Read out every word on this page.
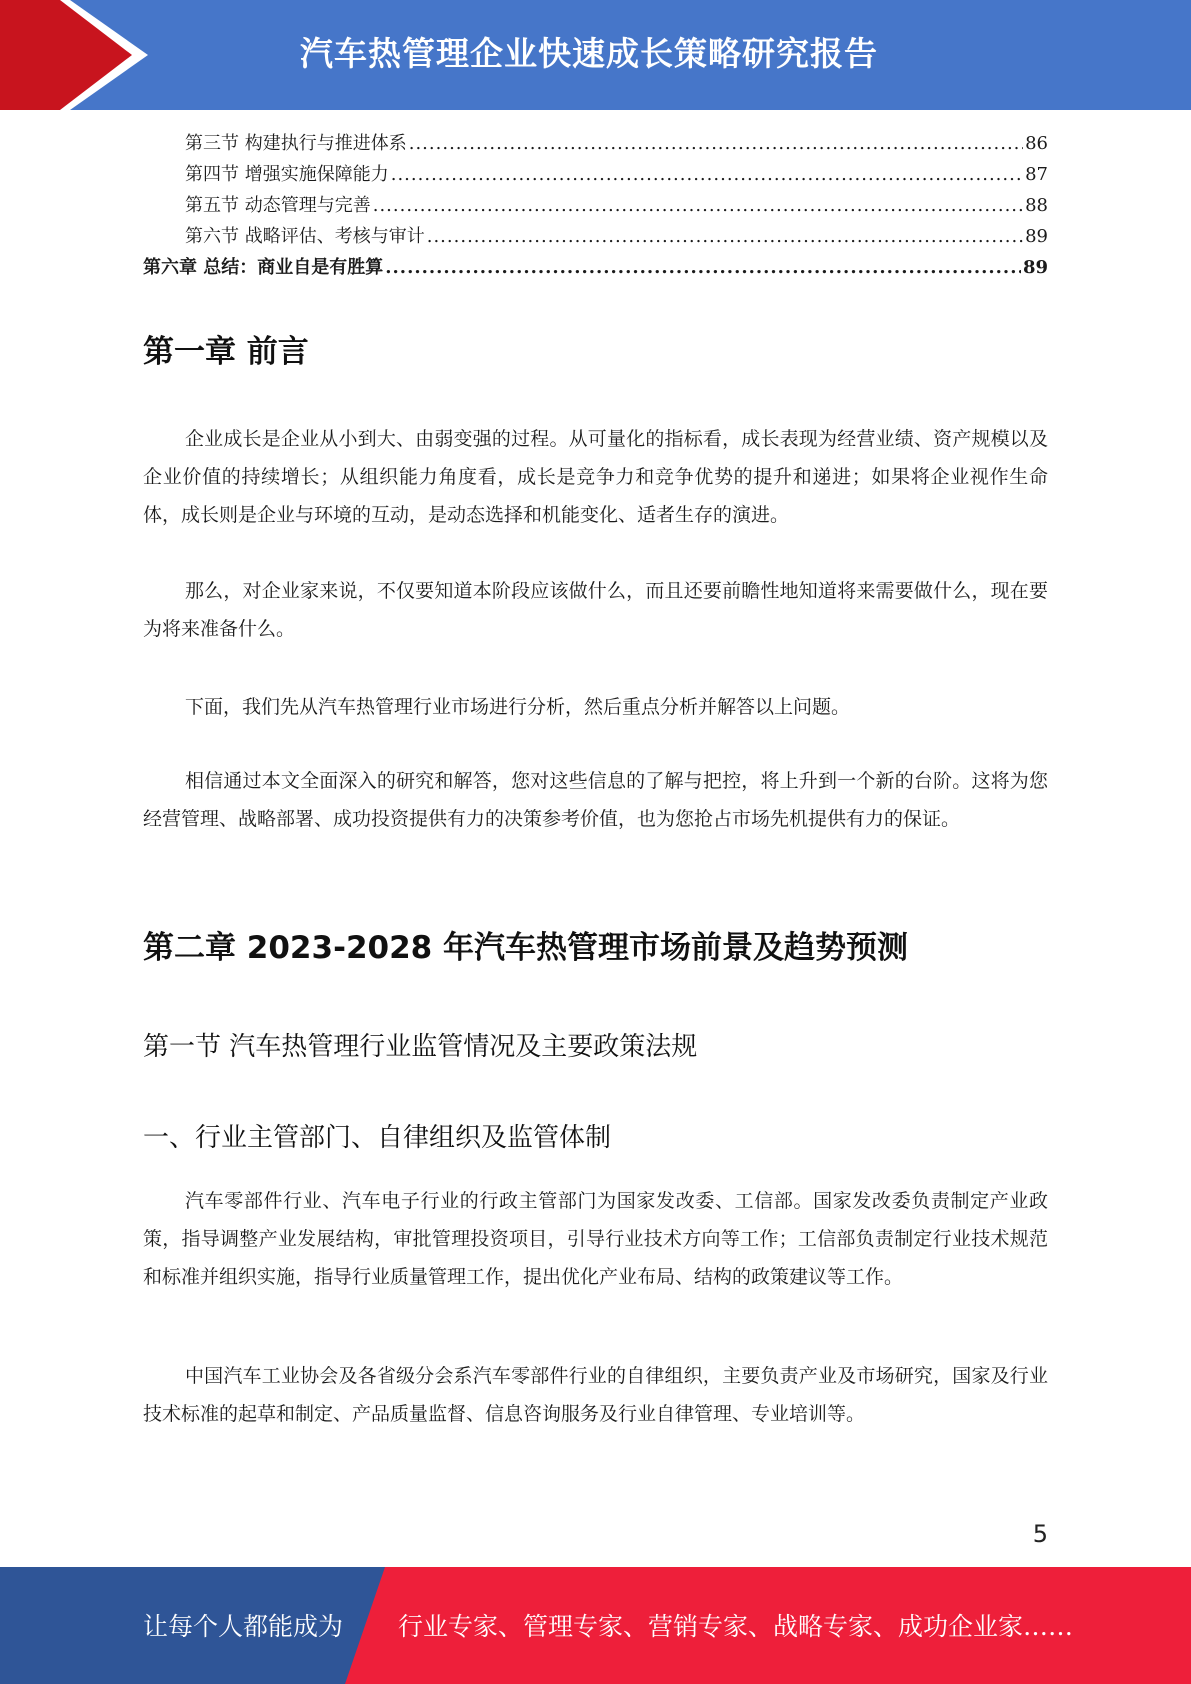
汽车热管理企业快速成长策略研究报告
第三节 构建执行与推进体系 .....	86
第四节 增强实施保障能力 .....	87
第五节 动态管理与完善 .....	88
第六节 战略评估、考核与审计 .....	89
第六章 总结：商业自是有胜算 .....	89
第一章 前言

企业成长是企业从小到大、由弱变强的过程。从可量化的指标看，成长表现为经营业绩、资产规模以及企业价值的持续增长；从组织能力角度看，成长是竞争力和竞争优势的提升和递进；如果将企业视作生命体，成长则是企业与环境的互动，是动态选择和机能变化、适者生存的演进。

那么，对企业家来说，不仅要知道本阶段应该做什么，而且还要前瞻性地知道将来需要做什么，现在要为将来准备什么。

下面，我们先从汽车热管理行业市场进行分析，然后重点分析并解答以上问题。

相信通过本文全面深入的研究和解答，您对这些信息的了解与把控，将上升到一个新的台阶。这将为您经营管理、战略部署、成功投资提供有力的决策参考价值，也为您抢占市场先机提供有力的保证。

第二章 2023-2028 年汽车热管理市场前景及趋势预测
第一节 汽车热管理行业监管情况及主要政策法规
一、行业主管部门、自律组织及监管体制

汽车零部件行业、汽车电子行业的行政主管部门为国家发改委、工信部。国家发改委负责制定产业政策，指导调整产业发展结构，审批管理投资项目，引导行业技术方向等工作；工信部负责制定行业技术规范和标准并组织实施，指导行业质量管理工作，提出优化产业布局、结构的政策建议等工作。

中国汽车工业协会及各省级分会系汽车零部件行业的自律组织，主要负责产业及市场研究，国家及行业技术标准的起草和制定、产品质量监督、信息咨询服务及行业自律管理、专业培训等。

5
让每个人都能成为 行业专家、管理专家、营销专家、战略专家、成功企业家……
